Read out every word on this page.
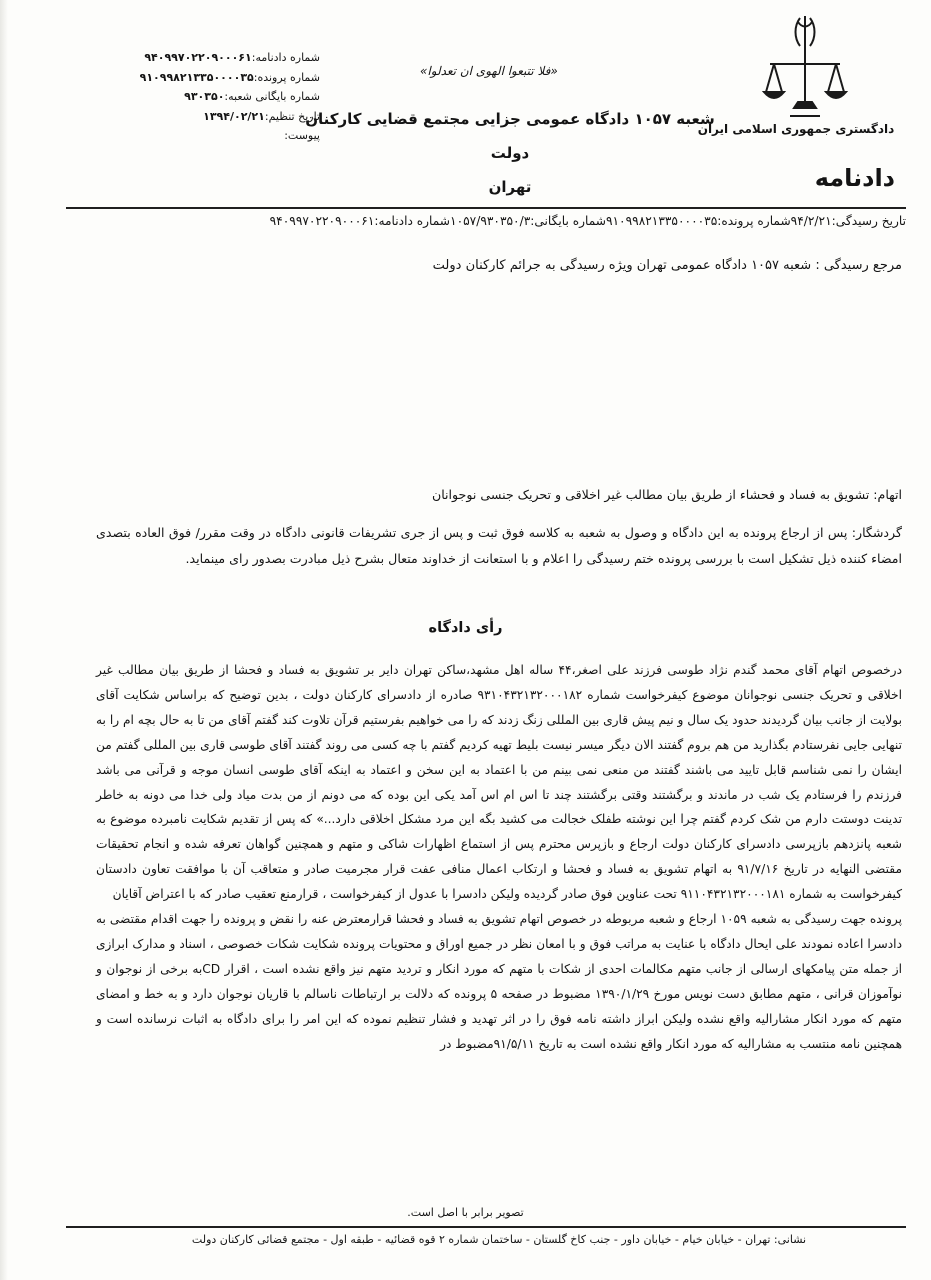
دادگستری جمهوری اسلامی ایران
دادنامه
«فلا تتبعوا الهوی ان تعدلوا»
شعبه ۱۰۵۷ دادگاه عمومی جزایی مجتمع قضایی کارکنان دولت
تهران
شماره دادنامه:۹۴۰۹۹۷۰۲۲۰۹۰۰۰۶۱
شماره پرونده:۹۱۰۹۹۸۲۱۳۳۵۰۰۰۰۳۵
شماره بایگانی شعبه:۹۳۰۳۵۰
تاریخ تنظیم:۱۳۹۴/۰۲/۲۱
پیوست:
تاریخ رسیدگی:۹۴/۲/۲۱شماره پرونده:۹۱۰۹۹۸۲۱۳۳۵۰۰۰۰۳۵شماره بایگانی:۱۰۵۷/۹۳۰۳۵۰/۳شماره دادنامه:۹۴۰۹۹۷۰۲۲۰۹۰۰۰۶۱
مرجع رسیدگی : شعبه ۱۰۵۷ دادگاه عمومی تهران ویژه رسیدگی به جرائم کارکنان دولت
اتهام: تشویق به فساد و فحشاء از طریق بیان مطالب غیر اخلاقی و تحریک جنسی نوجوانان
گردشگار: پس از ارجاع پرونده به این دادگاه و وصول به شعبه به کلاسه فوق ثبت و پس از جری تشریفات قانونی دادگاه در وقت مقرر/ فوق العاده بتصدی امضاء کننده ذیل تشکیل است با بررسی پرونده ختم رسیدگی را اعلام و با استعانت از خداوند متعال بشرح ذیل مبادرت بصدور رای مینماید.
رأی دادگاه

درخصوص اتهام آقای محمد گندم نژاد طوسی فرزند علی اصغر،۴۴ ساله اهل مشهد،ساکن تهران دایر بر تشویق به فساد و فحشا از طریق بیان مطالب غیر اخلاقی و تحریک جنسی نوجوانان موضوع کیفرخواست شماره ۹۳۱۰۴۳۲۱۳۲۰۰۰۱۸۲ صادره از دادسرای کارکنان دولت ، بدین توضیح که براساس شکایت آقای بولایت از جانب بیان گردیدند حدود یک سال و نیم پیش قاری بین المللی زنگ زدند که را می خواهیم بفرستیم قرآن تلاوت کند گفتم آقای من تا به حال بچه ام را به تنهایی جایی نفرستادم بگذارید من هم بروم گفتند الان دیگر میسر نیست بلیط تهیه کردیم گفتم با چه کسی می روند گفتند آقای طوسی قاری بین المللی گفتم من ایشان را نمی شناسم قابل تایید می باشند گفتند من منعی نمی بینم من با اعتماد به این سخن و اعتماد به اینکه آقای طوسی انسان موجه و قرآنی می باشد فرزندم را فرستادم یک شب در ماندند و برگشتند وقتی برگشتند چند تا اس ام اس آمد یکی این بوده که می دونم از من بدت میاد ولی خدا می دونه به خاطر تدینت دوستت دارم من شک کردم گفتم چرا این نوشته طفلک خجالت می کشید بگه این مرد مشکل اخلاقی دارد...» که پس از تقدیم شکایت نامبرده موضوع به شعبه پانزدهم بازپرسی دادسرای کارکنان دولت ارجاع و بازپرس محترم پس از استماع اظهارات شاکی و متهم و همچنین گواهان تعرفه شده و انجام تحقیقات مقتضی النهایه در تاریخ ۹۱/۷/۱۶ به اتهام تشویق به فساد و فحشا و ارتکاب اعمال منافی عفت قرار مجرمیت صادر و متعاقب آن با موافقت تعاون دادستان کیفرخواست به شماره ۹۱۱۰۴۳۲۱۳۲۰۰۰۱۸۱ تحت عناوین فوق صادر گردیده ولیکن دادسرا با عدول از کیفرخواست ، قرارمنع تعقیب صادر که با اعتراض آقایان

پرونده جهت رسیدگی به شعبه ۱۰۵۹ ارجاع و شعبه مربوطه در خصوص اتهام تشویق به فساد و فحشا قرارمعترض عنه را نقض و پرونده را جهت اقدام مقتضی به دادسرا اعاده نمودند علی ایحال دادگاه با عنایت به مراتب فوق و با امعان نظر در جمیع اوراق و محتویات پرونده شکایت شکات خصوصی ، اسناد و مدارک ابرازی از جمله متن پیامکهای ارسالی از جانب متهم مکالمات احدی از شکات با متهم که مورد انکار و تردید متهم نیز واقع نشده است ، اقرار CDبه برخی از نوجوان و نوآموزان قرانی ، متهم مطابق دست نویس مورخ ۱۳۹۰/۱/۲۹ مضبوط در صفحه ۵ پرونده که دلالت بر ارتباطات ناسالم با قاریان نوجوان دارد و به خط و امضای متهم که مورد انکار مشارالیه واقع نشده ولیکن ابراز داشته نامه فوق را در اثر تهدید و فشار تنظیم نموده که این امر را برای دادگاه به اثبات نرسانده است و همچنین نامه منتسب به مشارالیه که مورد انکار واقع نشده است به تاریخ ۹۱/۵/۱۱مضبوط در

تصویر برابر با اصل است.
نشانی: تهران - خیابان خیام - خیابان داور - جنب کاخ گلستان - ساختمان شماره ۲ قوه قضائیه - طبقه اول - مجتمع قضائی کارکنان دولت
